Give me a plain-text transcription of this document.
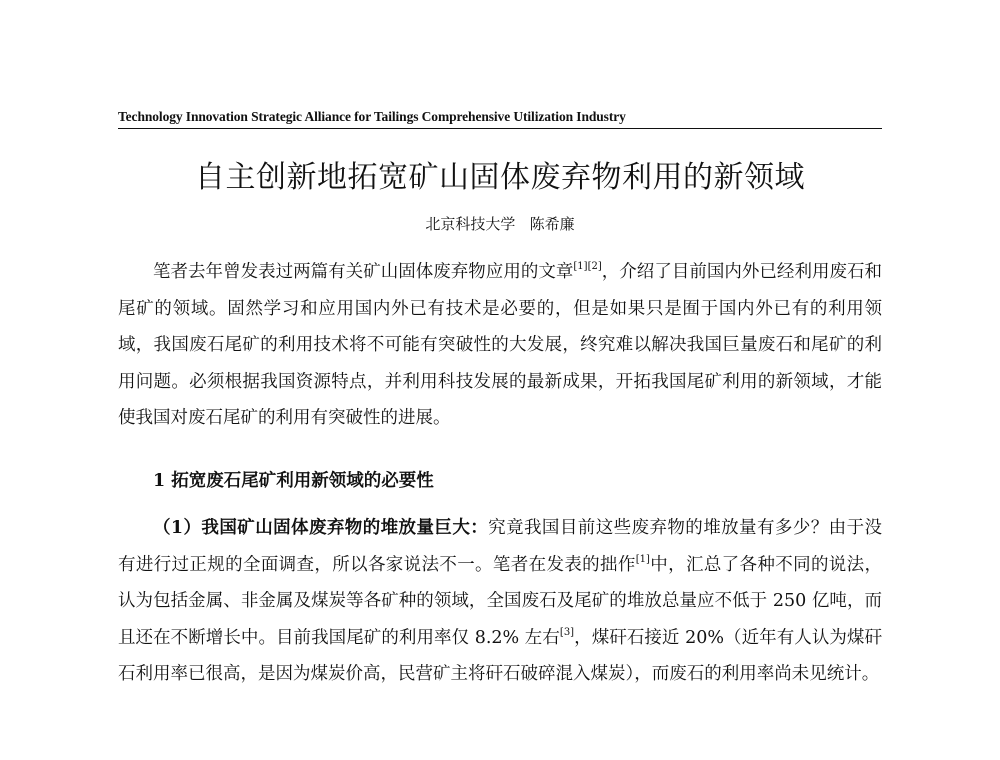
Technology Innovation Strategic Alliance for Tailings Comprehensive Utilization Industry
自主创新地拓宽矿山固体废弃物利用的新领域
北京科技大学 陈希廉

笔者去年曾发表过两篇有关矿山固体废弃物应用的文章[1][2]，介绍了目前国内外已经利用废石和尾矿的领域。固然学习和应用国内外已有技术是必要的，但是如果只是囿于国内外已有的利用领域，我国废石尾矿的利用技术将不可能有突破性的大发展，终究难以解决我国巨量废石和尾矿的利用问题。必须根据我国资源特点，并利用科技发展的最新成果，开拓我国尾矿利用的新领域，才能使我国对废石尾矿的利用有突破性的进展。

1 拓宽废石尾矿利用新领域的必要性

（1）我国矿山固体废弃物的堆放量巨大：究竟我国目前这些废弃物的堆放量有多少？由于没有进行过正规的全面调查，所以各家说法不一。笔者在发表的拙作[1]中，汇总了各种不同的说法，认为包括金属、非金属及煤炭等各矿种的领域，全国废石及尾矿的堆放总量应不低于 250 亿吨，而且还在不断增长中。目前我国尾矿的利用率仅 8.2% 左右[3]，煤矸石接近 20%（近年有人认为煤矸石利用率已很高，是因为煤炭价高，民营矿主将矸石破碎混入煤炭），而废石的利用率尚未见统计。
